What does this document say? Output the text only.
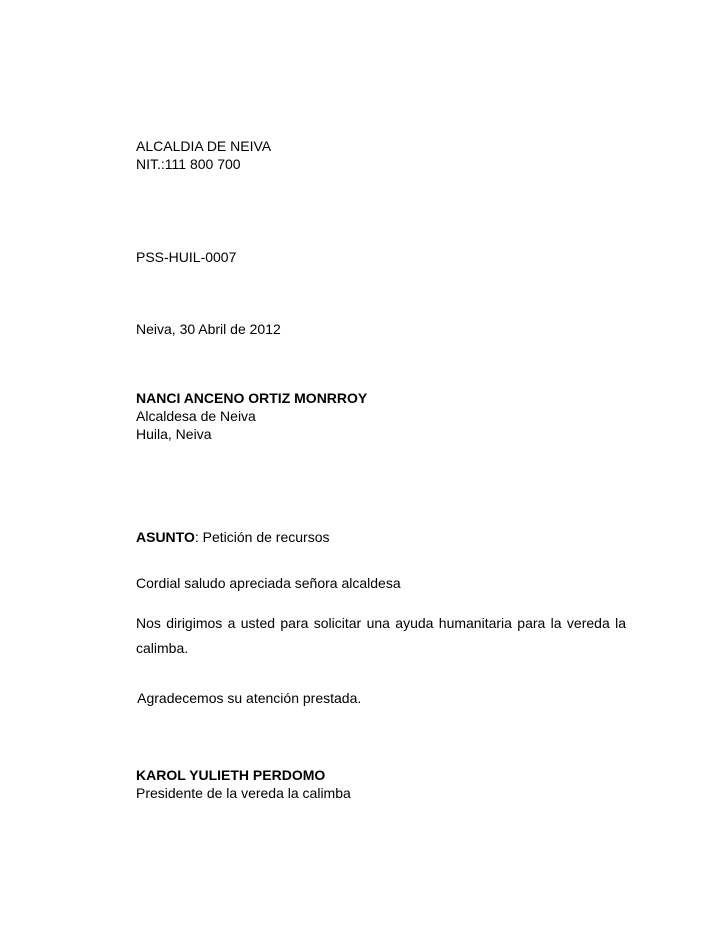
ALCALDIA DE NEIVA
NIT.:111 800 700
PSS-HUIL-0007
Neiva, 30 Abril de 2012
NANCI ANCENO ORTIZ MONRROY
Alcaldesa de Neiva
Huila, Neiva
ASUNTO: Petición de recursos
Cordial saludo apreciada señora alcaldesa
Nos dirigimos a usted para solicitar una ayuda humanitaria para la vereda la
calimba.
Agradecemos su atención prestada.
KAROL YULIETH PERDOMO
Presidente de la vereda la calimba
